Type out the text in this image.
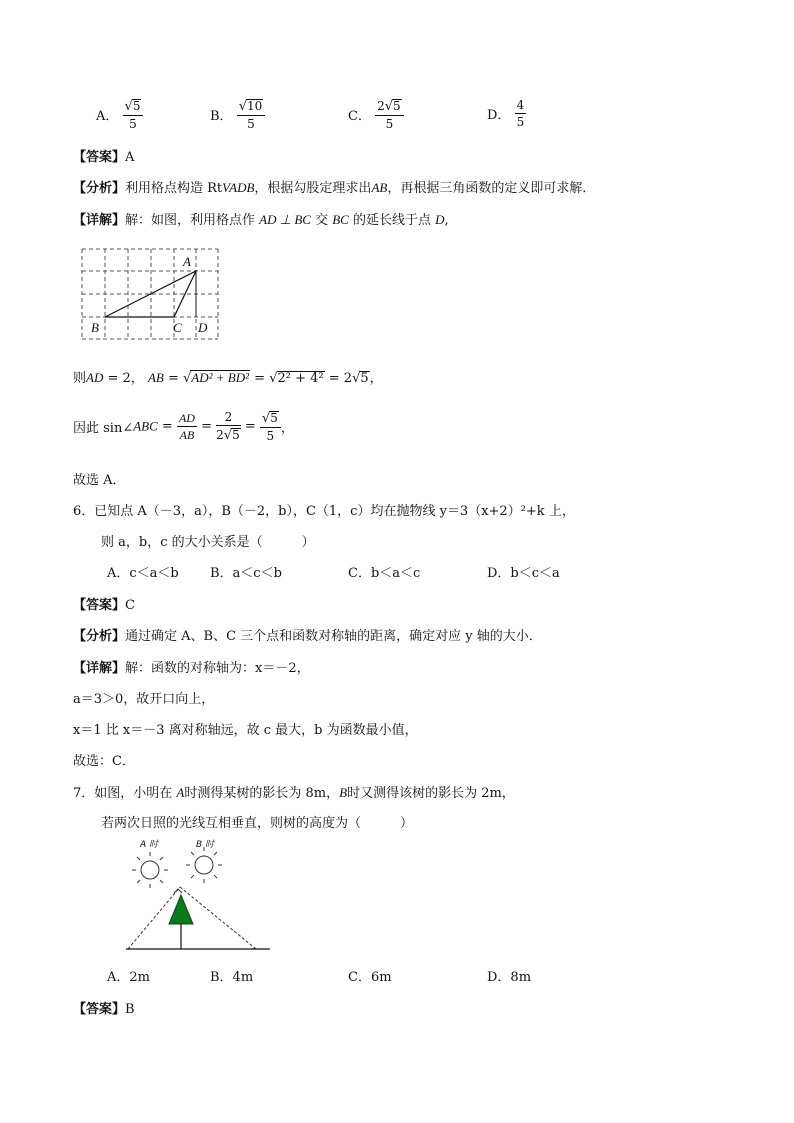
A． $\frac{√5}{5}$	B． $\frac{√10}{5}$	C． $\frac{2√5}{5}$	D． $\frac{4}{5}$
【答案】A
【分析】利用格点构造 RtVADB，根据勾股定理求出AB，再根据三角函数的定义即可求解．
【详解】解：如图，利用格点作 AD ⊥ BC 交 BC 的延长线于点 D,
A
B	C D
则AD = 2， AB = √AD² + BD² = √2² + 4² = 2√5，
因此 sin∠ABC = $\frac{AD}{AB} = \frac{2}{2√5} = \frac{√5}{5}$ ，
故选 A．
6．已知点 A（－3，a），B（－2，b），C（1，c）均在抛物线 y＝3（x+2）²+k 上，
则 a，b，c 的大小关系是（　　　）
A．c＜a＜b B．a＜c＜b	C．b＜a＜c	D．b＜c＜a
【答案】C
【分析】通过确定 A、B、C 三个点和函数对称轴的距离，确定对应 y 轴的大小．
【详解】解：函数的对称轴为：x＝－2，
a＝3＞0，故开口向上，
x＝1 比 x＝－3 离对称轴远，故 c 最大，b 为函数最小值，
故选：C．
7．如图，小明在 A时测得某树的影长为 8m，B时又测得该树的影长为 2m，
若两次日照的光线互相垂直，则树的高度为（　　　）
A 时	B 时
A．2m	B．4m	C．6m	D．8m
【答案】B
